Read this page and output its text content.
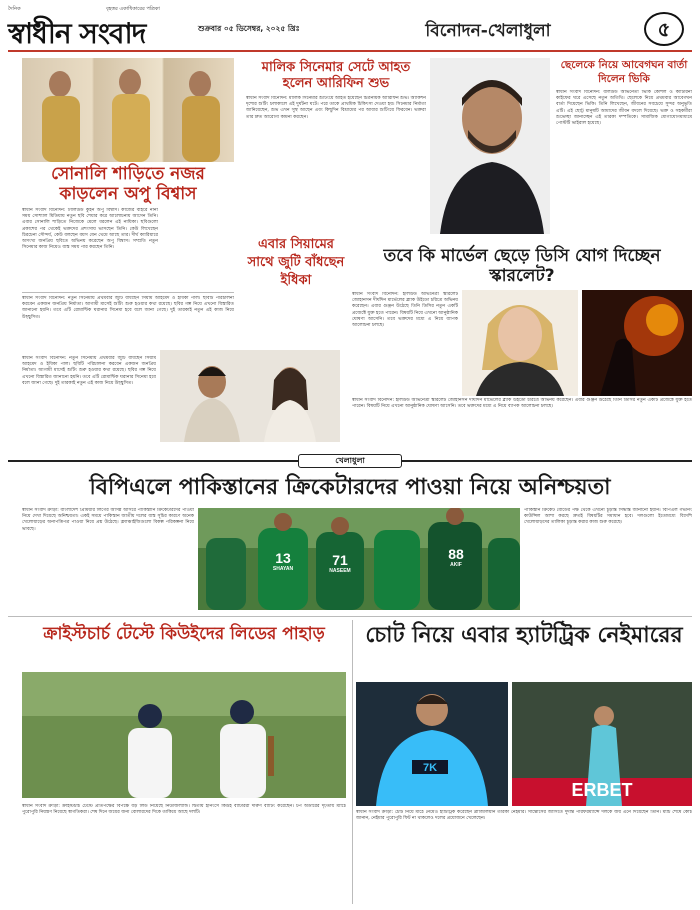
দৈনিক	বৃহত্তর একাধিকারের পত্রিকা
স্বাধীন সংবাদ	শুক্রবার ০৫ ডিসেম্বর, ২০২৫ খ্রিঃ	বিনোদন-খেলাধুলা	৫
সোনালি শাড়িতে নজর কাড়লেন অপু বিশ্বাস
স্বাধীন সংবাদ বিনোদন: ঢালিউড কুইন অপু বিশ্বাস। কাজের বাইরে নানা সময় সোশ্যাল মিডিয়ায় নতুন ছবি শেয়ার করে আলোচনায় আসেন তিনি। এবার সোনালি শাড়িতে নিজেকে মেলে ধরলেন এই নায়িকা। ছবিগুলো প্রকাশের পর থেকেই ভক্তদের প্রশংসায় ভাসছেন তিনি। কেউ লিখেছেন চিরচেনা সৌন্দর্য, কেউ বলছেন বয়স যেন থেমে আছে তার। দীর্ঘ ক্যারিয়ারে অসংখ্য জনপ্রিয় ছবিতে অভিনয় করেছেন অপু বিশ্বাস। সম্প্রতি নতুন সিনেমার কাজ নিয়েও ব্যস্ত সময় পার করছেন তিনি।
মালিক সিনেমার সেটে আহত হলেন আরিফিন শুভ
স্বাধীন সংবাদ বিনোদন: মালিক সিনেমার শুটিংয়ে আহত হয়েছেন চিত্রনায়ক আরিফিন শুভ। অ্যাকশন দৃশ্যের শুটিং চলাকালে এই দুর্ঘটনা ঘটে। পরে তাকে প্রাথমিক চিকিৎসা দেওয়া হয়। সিনেমার নির্মাতা জানিয়েছেন, শুভ এখন সুস্থ আছেন এবং কিছুদিন বিশ্রামের পর আবার শুটিংয়ে ফিরবেন। ভক্তরা তার দ্রুত আরোগ্য কামনা করছেন।
ছেলেকে নিয়ে আবেগঘন বার্তা দিলেন ভিকি
স্বাধীন সংবাদ বিনোদন: বলিউড অভিনেতা ভিকি কৌশল ও ক্যাটরিনা কাইফের ঘরে এসেছে নতুন অতিথি। ছেলেকে নিয়ে প্রথমবার আবেগঘন বার্তা দিয়েছেন ভিকি। তিনি লিখেছেন, জীবনের সবচেয়ে সুন্দর অনুভূতি এটি। এই ছোট্ট মানুষটি আমাদের জীবন বদলে দিয়েছে। ভক্ত ও সহকর্মীরা শুভেচ্ছা জানাচ্ছেন এই তারকা দম্পতিকে। সামাজিক যোগাযোগমাধ্যমে পোস্টটি ভাইরাল হয়েছে।
স্বাধীন সংবাদ বিনোদন: নতুন সিনেমায় প্রথমবার জুটি বাঁধছেন সিয়াম আহমেদ ও ইধিকা পাল। ছবিটি পরিচালনা করবেন একজন জনপ্রিয় নির্মাতা। আগামী মাসেই শুটিং শুরু হওয়ার কথা রয়েছে। ছবির গল্প নিয়ে এখনো বিস্তারিত জানানো হয়নি। তবে এটি রোমান্টিক ঘরানার সিনেমা হবে বলে জানা গেছে। দুই তারকাই নতুন এই কাজ নিয়ে উচ্ছ্বসিত।
এবার সিয়ামের সাথে জুটি বাঁধছেন ইধিকা
স্বাধীন সংবাদ বিনোদন: নতুন সিনেমায় প্রথমবার জুটি বাঁধছেন সিয়াম আহমেদ ও ইধিকা পাল। ছবিটি পরিচালনা করবেন একজন জনপ্রিয় নির্মাতা। আগামী মাসেই শুটিং শুরু হওয়ার কথা রয়েছে। ছবির গল্প নিয়ে এখনো বিস্তারিত জানানো হয়নি। তবে এটি রোমান্টিক ঘরানার সিনেমা হবে বলে জানা গেছে। দুই তারকাই নতুন এই কাজ নিয়ে উচ্ছ্বসিত।
তবে কি মার্ভেল ছেড়ে ডিসি যোগ দিচ্ছেন স্কারলেট?
স্বাধীন সংবাদ বিনোদন: হলিউড অভিনেত্রী স্কারলেট জোহানসন দীর্ঘদিন মার্ভেলের ব্ল্যাক উইডো চরিত্রে অভিনয় করেছেন। এবার গুঞ্জন উঠেছে তিনি ডিসির নতুন একটি প্রজেক্টে যুক্ত হতে পারেন। বিষয়টি নিয়ে এখনো আনুষ্ঠানিক ঘোষণা আসেনি। তবে ভক্তদের মধ্যে এ নিয়ে ব্যাপক আলোচনা চলছে।
স্বাধীন সংবাদ বিনোদন: হলিউড অভিনেত্রী স্কারলেট জোহানসন দীর্ঘদিন মার্ভেলের ব্ল্যাক উইডো চরিত্রে অভিনয় করেছেন। এবার গুঞ্জন উঠেছে তিনি ডিসির নতুন একটি প্রজেক্টে যুক্ত হতে পারেন। বিষয়টি নিয়ে এখনো আনুষ্ঠানিক ঘোষণা আসেনি। তবে ভক্তদের মধ্যে এ নিয়ে ব্যাপক আলোচনা চলছে।
খেলাধুলা
বিপিএলে পাকিস্তানের ক্রিকেটারদের পাওয়া নিয়ে অনিশ্চয়তা
স্বাধীন সংবাদ ক্রীড়া: বাংলাদেশ প্রিমিয়ার লিগের আসন্ন আসরে পাকিস্তানি ক্রিকেটারদের পাওয়া নিয়ে দেখা দিয়েছে অনিশ্চয়তা। একই সময়ে পাকিস্তান জাতীয় দলের ব্যস্ত সূচির কারণে অনেক খেলোয়াড়ের অনাপত্তিপত্র পাওয়া নিয়ে প্রশ্ন উঠেছে। ফ্র্যাঞ্চাইজিগুলো বিকল্প পরিকল্পনা নিয়ে ভাবছে।
13
SHAYAN
71
NASEEM
88
AKIF
পাকিস্তান ক্রিকেট বোর্ডের পক্ষ থেকে এখনো চূড়ান্ত সিদ্ধান্ত জানানো হয়নি। বিপিএল গভর্নিং কাউন্সিল আশা করছে দ্রুতই বিষয়টির সমাধান হবে। দলগুলো ইতোমধ্যে বিদেশি খেলোয়াড়দের তালিকা চূড়ান্ত করার কাজ শুরু করেছে।
ক্রাইস্টচার্চ টেস্টে কিউইদের লিডের পাহাড়
স্বাধীন সংবাদ ক্রীড়া: ক্রাইস্টচার্চ টেস্টে প্রতিপক্ষের বিপক্ষে বড় লিড নিয়েছে নিউজিল্যান্ড। দ্বিতীয় ইনিংসে কিউই ব্যাটাররা দারুণ ব্যাটিং করেছেন। টপ অর্ডারের দৃঢ়তায় ম্যাচে পুরোপুরি নিয়ন্ত্রণ নিয়েছে স্বাগতিকরা। শেষ দিনে জয়ের জন্য বোলারদের দিকে তাকিয়ে আছে দলটি।
চোট নিয়ে এবার হ্যাটট্রিক নেইমারের
7K
ERBET
স্বাধীন সংবাদ ক্রীড়া: চোট নিয়ে মাঠে নেমেও হ্যাটট্রিক করেছেন ব্রাজিলিয়ান তারকা নেইমার। সান্তোসের জার্সিতে দুর্দান্ত পারফরম্যান্সে দলকে জয় এনে দিয়েছেন তিনি। ম্যাচ শেষে কোচ জানান, নেইমার পুরোপুরি ফিট না থাকলেও দলের প্রয়োজনে খেলেছেন।
